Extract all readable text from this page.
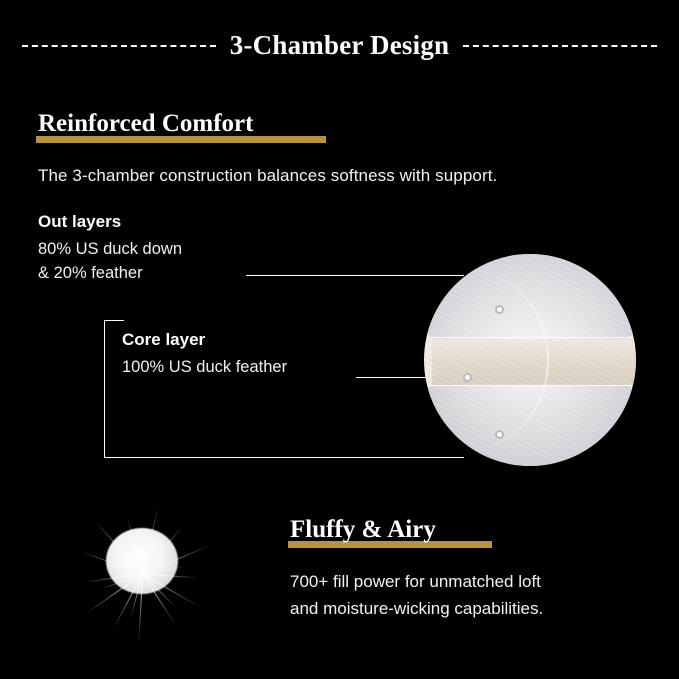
3-Chamber Design
Reinforced Comfort
The 3-chamber construction balances softness with support.
Out layers
80% US duck down
& 20% feather
Core layer
100% US duck feather
Fluffy & Airy
700+ fill power for unmatched loft
and moisture-wicking capabilities.
